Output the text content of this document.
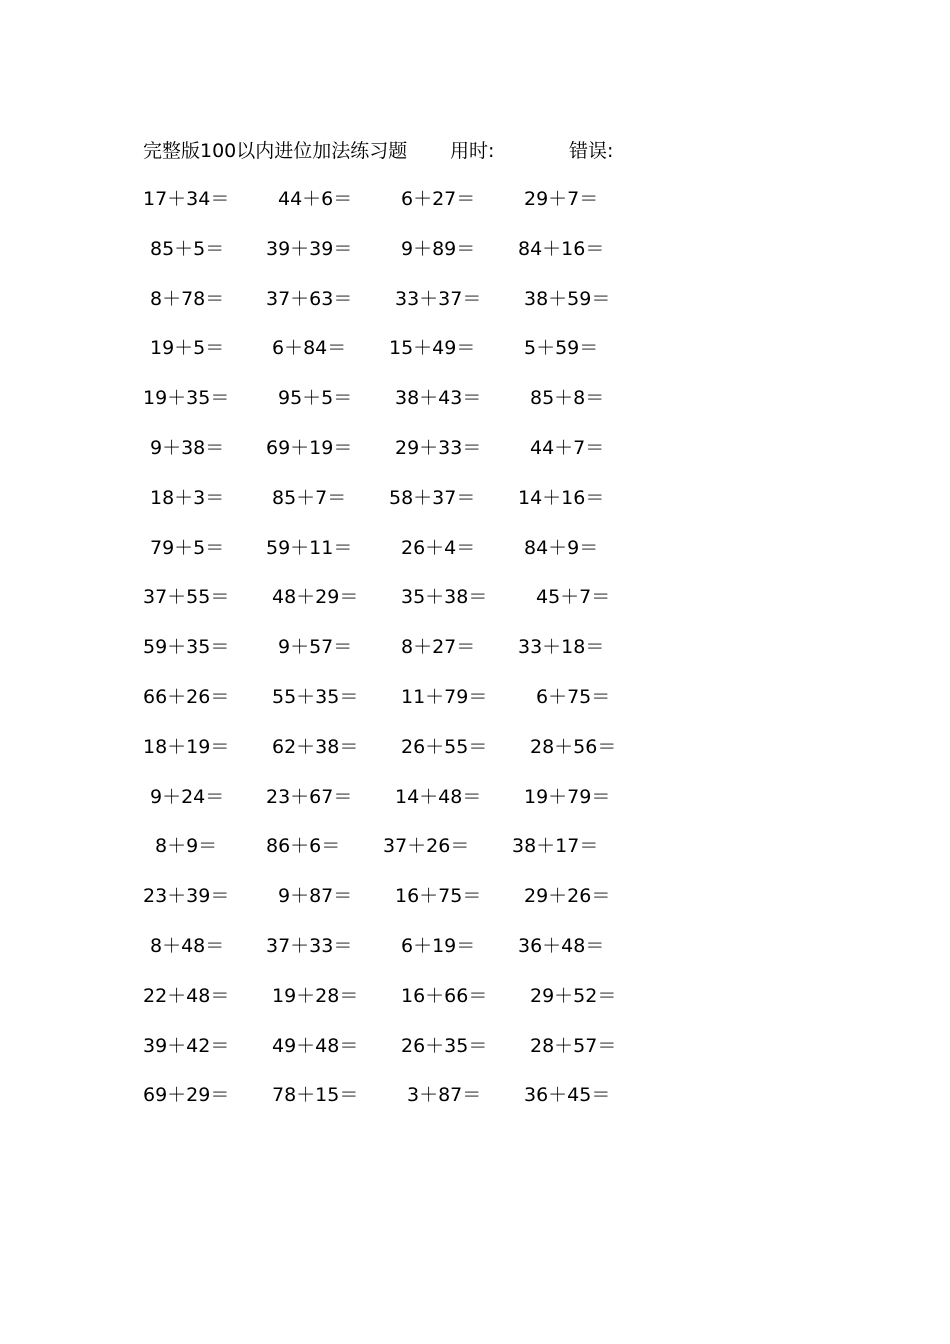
完整版100以内进位加法练习题 用时:	错误:
17＋34＝	44＋6＝	6＋27＝	29＋7＝
85＋5＝ 39＋39＝	9＋89＝ 84＋16＝
8＋78＝ 37＋63＝ 33＋37＝ 38＋59＝
19＋5＝	6＋84＝ 15＋49＝	5＋59＝
19＋35＝	95＋5＝ 38＋43＝	85＋8＝
9＋38＝ 69＋19＝ 29＋33＝	44＋7＝
18＋3＝	85＋7＝ 58＋37＝ 14＋16＝
79＋5＝ 59＋11＝	26＋4＝	84＋9＝
37＋55＝ 48＋29＝ 35＋38＝	45＋7＝
59＋35＝	9＋57＝	8＋27＝ 33＋18＝
66＋26＝ 55＋35＝ 11＋79＝	6＋75＝
18＋19＝ 62＋38＝ 26＋55＝ 28＋56＝
9＋24＝ 23＋67＝ 14＋48＝ 19＋79＝
8＋9＝	86＋6＝ 37＋26＝ 38＋17＝
23＋39＝	9＋87＝ 16＋75＝ 29＋26＝
8＋48＝ 37＋33＝	6＋19＝ 36＋48＝
22＋48＝ 19＋28＝ 16＋66＝ 29＋52＝
39＋42＝ 49＋48＝ 26＋35＝ 28＋57＝
69＋29＝ 78＋15＝	3＋87＝ 36＋45＝
